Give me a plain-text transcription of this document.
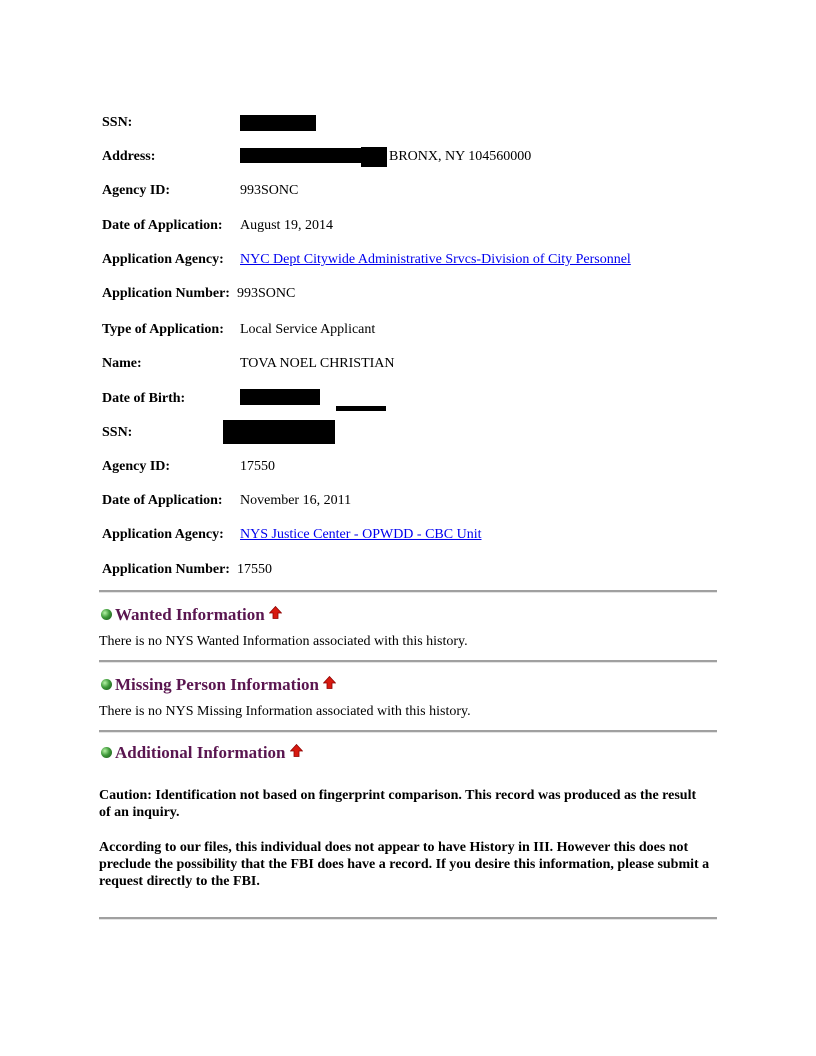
SSN:
Address:	BRONX, NY 104560000
Agency ID:	993SONC
Date of Application: August 19, 2014
Application Agency: NYC Dept Citywide Administrative Srvcs-Division of City Personnel
Application Number: 993SONC
Type of Application: Local Service Applicant
Name:	TOVA NOEL CHRISTIAN
Date of Birth:
SSN:
Agency ID:	17550
Date of Application: November 16, 2011
Application Agency: NYS Justice Center - OPWDD - CBC Unit
Application Number: 17550
Wanted Information
There is no NYS Wanted Information associated with this history.
Missing Person Information
There is no NYS Missing Information associated with this history.
Additional Information
Caution: Identification not based on fingerprint comparison. This record was produced as the result of an inquiry.
According to our files, this individual does not appear to have History in III. However this does not preclude the possibility that the FBI does have a record. If you desire this information, please submit a request directly to the FBI.
